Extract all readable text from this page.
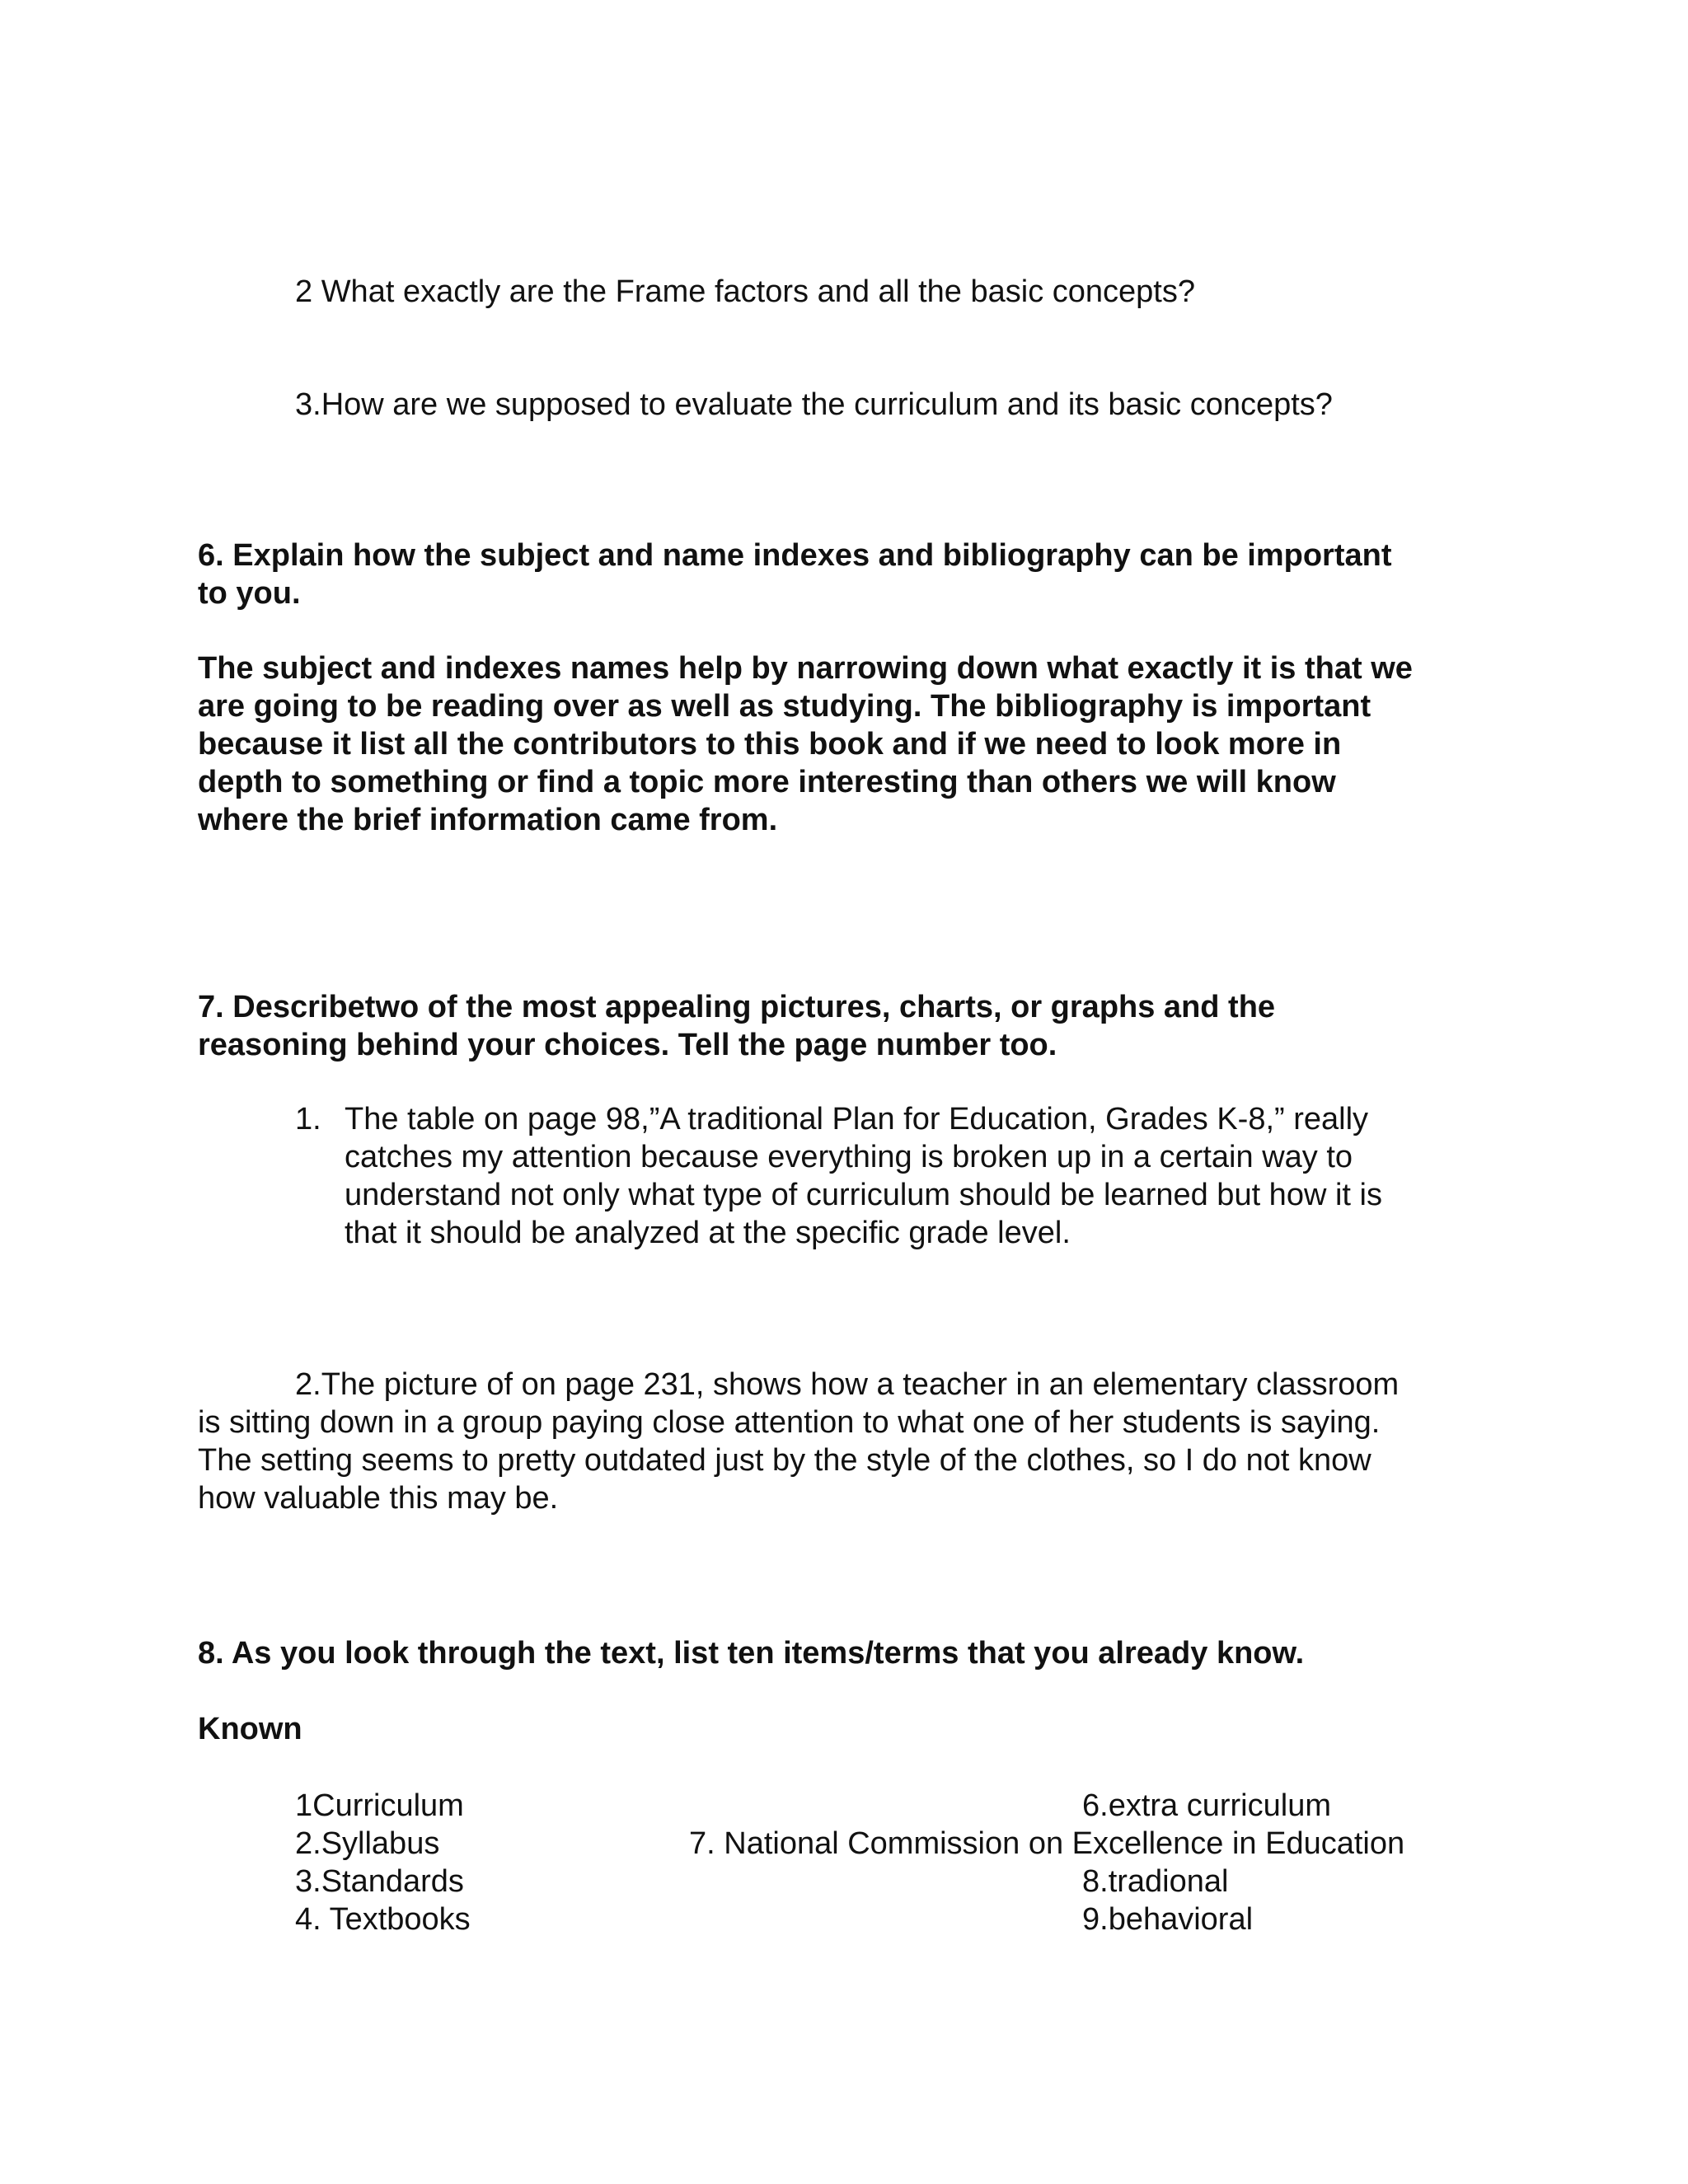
2 What exactly are the Frame factors and all the basic concepts?
3.How are we supposed to evaluate the curriculum and its basic concepts?
6. Explain how the subject and name indexes and bibliography can be important
to you.
The subject and indexes names help by narrowing down what exactly it is that we
are going to be reading over as well as studying. The bibliography is important
because it list all the contributors to this book and if we need to look more in
depth to something or find a topic more interesting than others we will know
where the brief information came from.
7. Describetwo of the most appealing pictures, charts, or graphs and the
reasoning behind your choices. Tell the page number too.
1. The table on page 98,”A traditional Plan for Education, Grades K-8,” really
catches my attention because everything is broken up in a certain way to
understand not only what type of curriculum should be learned but how it is
that it should be analyzed at the specific grade level.
2.The picture of on page 231, shows how a teacher in an elementary classroom
is sitting down in a group paying close attention to what one of her students is saying.
The setting seems to pretty outdated just by the style of the clothes, so I do not know
how valuable this may be.
8. As you look through the text, list ten items/terms that you already know.
Known
1Curriculum
2.Syllabus
3.Standards
4. Textbooks
6.extra curriculum
7. National Commission on Excellence in Education
8.tradional
9.behavioral
